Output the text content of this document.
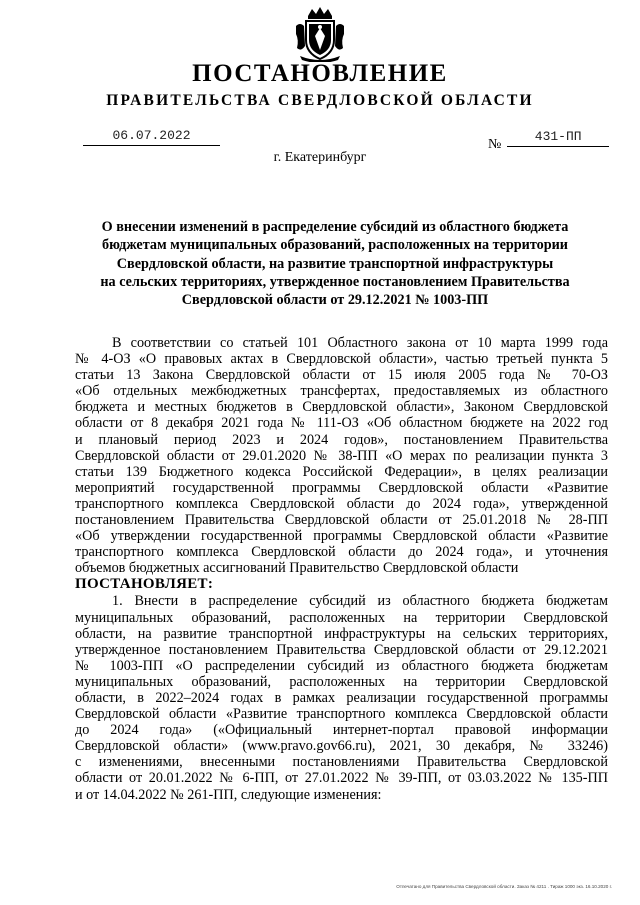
ПОСТАНОВЛЕНИЕ
ПРАВИТЕЛЬСТВА СВЕРДЛОВСКОЙ ОБЛАСТИ
06.07.2022
№
431-ПП
г. Екатеринбург
О внесении изменений в распределение субсидий из областного бюджета
бюджетам муниципальных образований, расположенных на территории
Свердловской области, на развитие транспортной инфраструктуры
на сельских территориях, утвержденное постановлением Правительства
Свердловской области от 29.12.2021 № 1003-ПП
В соответствии со статьей 101 Областного закона от 10 марта 1999 года
№ 4-ОЗ «О правовых актах в Свердловской области», частью третьей пункта 5
статьи 13 Закона Свердловской области от 15 июля 2005 года № 70-ОЗ
«Об отдельных межбюджетных трансфертах, предоставляемых из областного
бюджета и местных бюджетов в Свердловской области», Законом Свердловской
области от 8 декабря 2021 года № 111-ОЗ «Об областном бюджете на 2022 год
и плановый период 2023 и 2024 годов», постановлением Правительства
Свердловской области от 29.01.2020 № 38-ПП «О мерах по реализации пункта 3
статьи 139 Бюджетного кодекса Российской Федерации», в целях реализации
мероприятий государственной программы Свердловской области «Развитие
транспортного комплекса Свердловской области до 2024 года», утвержденной
постановлением Правительства Свердловской области от 25.01.2018 № 28-ПП
«Об утверждении государственной программы Свердловской области «Развитие
транспортного комплекса Свердловской области до 2024 года», и уточнения
объемов бюджетных ассигнований Правительство Свердловской области
ПОСТАНОВЛЯЕТ:
1. Внести в распределение субсидий из областного бюджета бюджетам
муниципальных образований, расположенных на территории Свердловской
области, на развитие транспортной инфраструктуры на сельских территориях,
утвержденное постановлением Правительства Свердловской области от 29.12.2021
№ 1003-ПП «О распределении субсидий из областного бюджета бюджетам
муниципальных образований, расположенных на территории Свердловской
области, в 2022–2024 годах в рамках реализации государственной программы
Свердловской области «Развитие транспортного комплекса Свердловской области
до 2024 года» («Официальный интернет-портал правовой информации
Свердловской области» (www.pravo.gov66.ru), 2021, 30 декабря, № 33246)
с изменениями, внесенными постановлениями Правительства Свердловской
области от 20.01.2022 № 6-ПП, от 27.01.2022 № 39-ПП, от 03.03.2022 № 135-ПП
и от 14.04.2022 № 261-ПП, следующие изменения:
Отпечатано для Правительства Свердловской области. Заказ № 4211 . Тираж 1000 экз. 16.10.2020 г.
